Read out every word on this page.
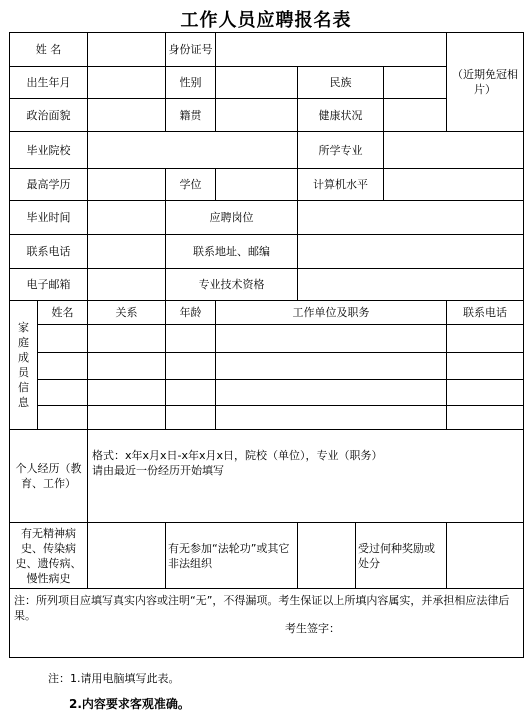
工作人员应聘报名表
姓 名			身份证号					（近期免冠相片）
出生年月			性别		民族			
政治面貌			籍贯		健康状况			
毕业院校					所学专业			
最高学历			学位		计算机水平			
毕业时间			应聘岗位					
联系电话			联系地址、邮编					
电子邮箱			专业技术资格					
家庭成员信息	姓名	关系	年龄	工作单位及职务				联系电话

个人经历（教育、工作）		格式：x年x月x日-x年x月x日，院校（单位），专业（职务）
请由最近一份经历开始填写						

有无精神病史、传染病史、遗传病、慢性病史			有无参加“法轮功”或其它非法组织			受过何种奖励或处分		

注：所列项目应填写真实内容或注明“无”，不得漏项。考生保证以上所填内容属实，并承担相应法律后果。								
考生签字：
注：1.请用电脑填写此表。
2.内容要求客观准确。
